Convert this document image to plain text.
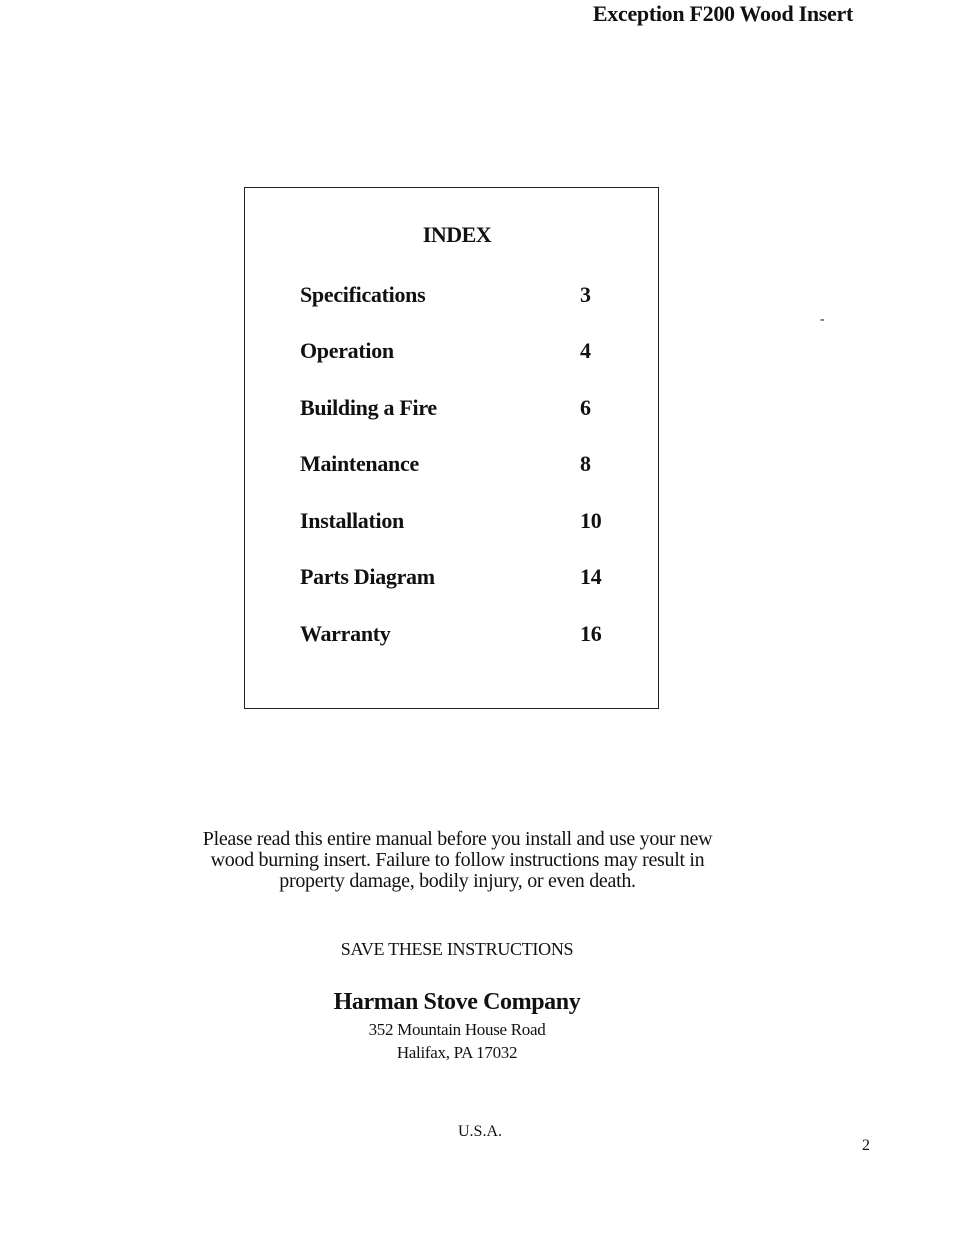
Exception F200 Wood Insert
-
INDEX
Specifications	3
Operation	4
Building a Fire	6
Maintenance	8
Installation	10
Parts Diagram	14
Warranty	16
Please read this entire manual before you install and use your new
wood burning insert. Failure to follow instructions may result in
property damage, bodily injury, or even death.
SAVE THESE INSTRUCTIONS
Harman Stove Company
352 Mountain House Road
Halifax, PA 17032
U.S.A.
2
